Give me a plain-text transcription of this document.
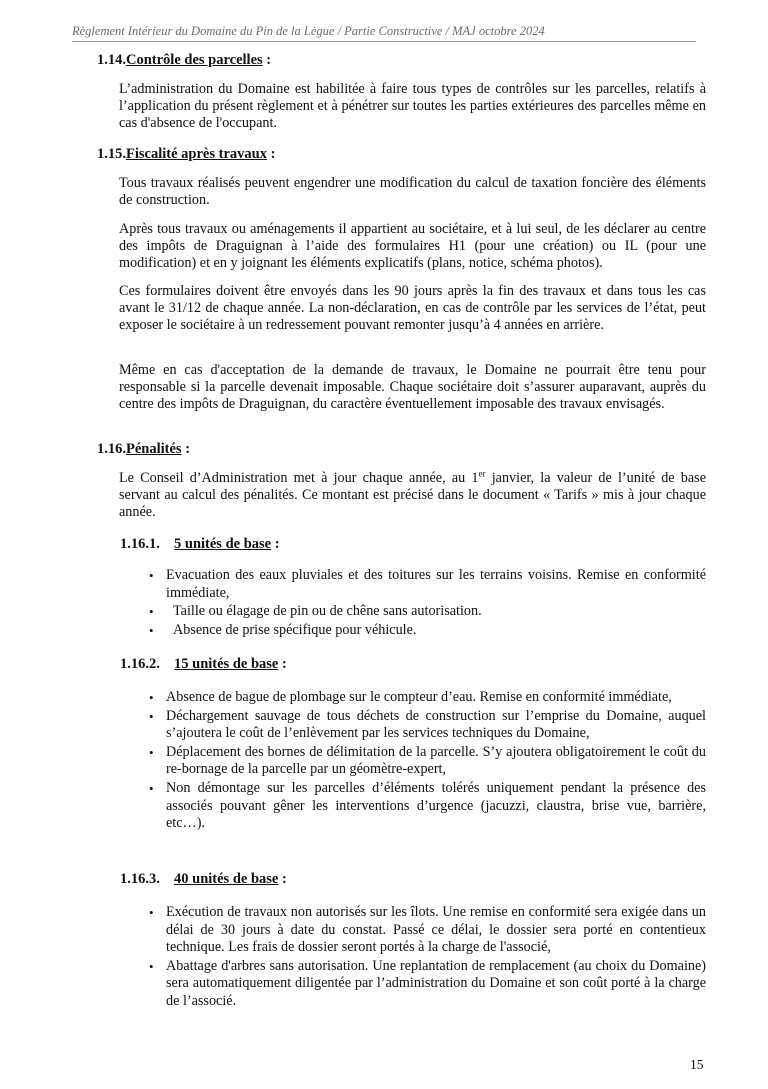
Règlement Intérieur du Domaine du Pin de la Lègue / Partie Constructive / MAJ octobre 2024
1.14.Contrôle des parcelles :
L’administration du Domaine est habilitée à faire tous types de contrôles sur les parcelles, relatifs à l’application du présent règlement et à pénétrer sur toutes les parties extérieures des parcelles même en cas d'absence de l'occupant.
1.15.Fiscalité après travaux :
Tous travaux réalisés peuvent engendrer une modification du calcul de taxation foncière des éléments de construction.
Après tous travaux ou aménagements il appartient au sociétaire, et à lui seul, de les déclarer au centre des impôts de Draguignan à l’aide des formulaires H1 (pour une création) ou IL (pour une modification) et en y joignant les éléments explicatifs (plans, notice, schéma photos).
Ces formulaires doivent être envoyés dans les 90 jours après la fin des travaux et dans tous les cas avant le 31/12 de chaque année. La non-déclaration, en cas de contrôle par les services de l’état, peut exposer le sociétaire à un redressement pouvant remonter jusqu’à 4 années en arrière.
Même en cas d'acceptation de la demande de travaux, le Domaine ne pourrait être tenu pour responsable si la parcelle devenait imposable. Chaque sociétaire doit s’assurer auparavant, auprès du centre des impôts de Draguignan, du caractère éventuellement imposable des travaux envisagés.
1.16.Pénalités :
Le Conseil d’Administration met à jour chaque année, au 1er janvier, la valeur de l’unité de base servant au calcul des pénalités. Ce montant est précisé dans le document « Tarifs » mis à jour chaque année.
1.16.1. 5 unités de base :
• Evacuation des eaux pluviales et des toitures sur les terrains voisins. Remise en conformité immédiate,
• Taille ou élagage de pin ou de chêne sans autorisation.
• Absence de prise spécifique pour véhicule.
1.16.2. 15 unités de base :
• Absence de bague de plombage sur le compteur d’eau. Remise en conformité immédiate,
• Déchargement sauvage de tous déchets de construction sur l’emprise du Domaine, auquel s’ajoutera le coût de l’enlèvement par les services techniques du Domaine,
• Déplacement des bornes de délimitation de la parcelle. S’y ajoutera obligatoirement le coût du re-bornage de la parcelle par un géomètre-expert,
• Non démontage sur les parcelles d’éléments tolérés uniquement pendant la présence des associés pouvant gêner les interventions d’urgence (jacuzzi, claustra, brise vue, barrière, etc…).
1.16.3. 40 unités de base :
• Exécution de travaux non autorisés sur les îlots. Une remise en conformité sera exigée dans un délai de 30 jours à date du constat. Passé ce délai, le dossier sera porté en contentieux technique. Les frais de dossier seront portés à la charge de l'associé,
• Abattage d'arbres sans autorisation. Une replantation de remplacement (au choix du Domaine) sera automatiquement diligentée par l’administration du Domaine et son coût porté à la charge de l’associé.
15
